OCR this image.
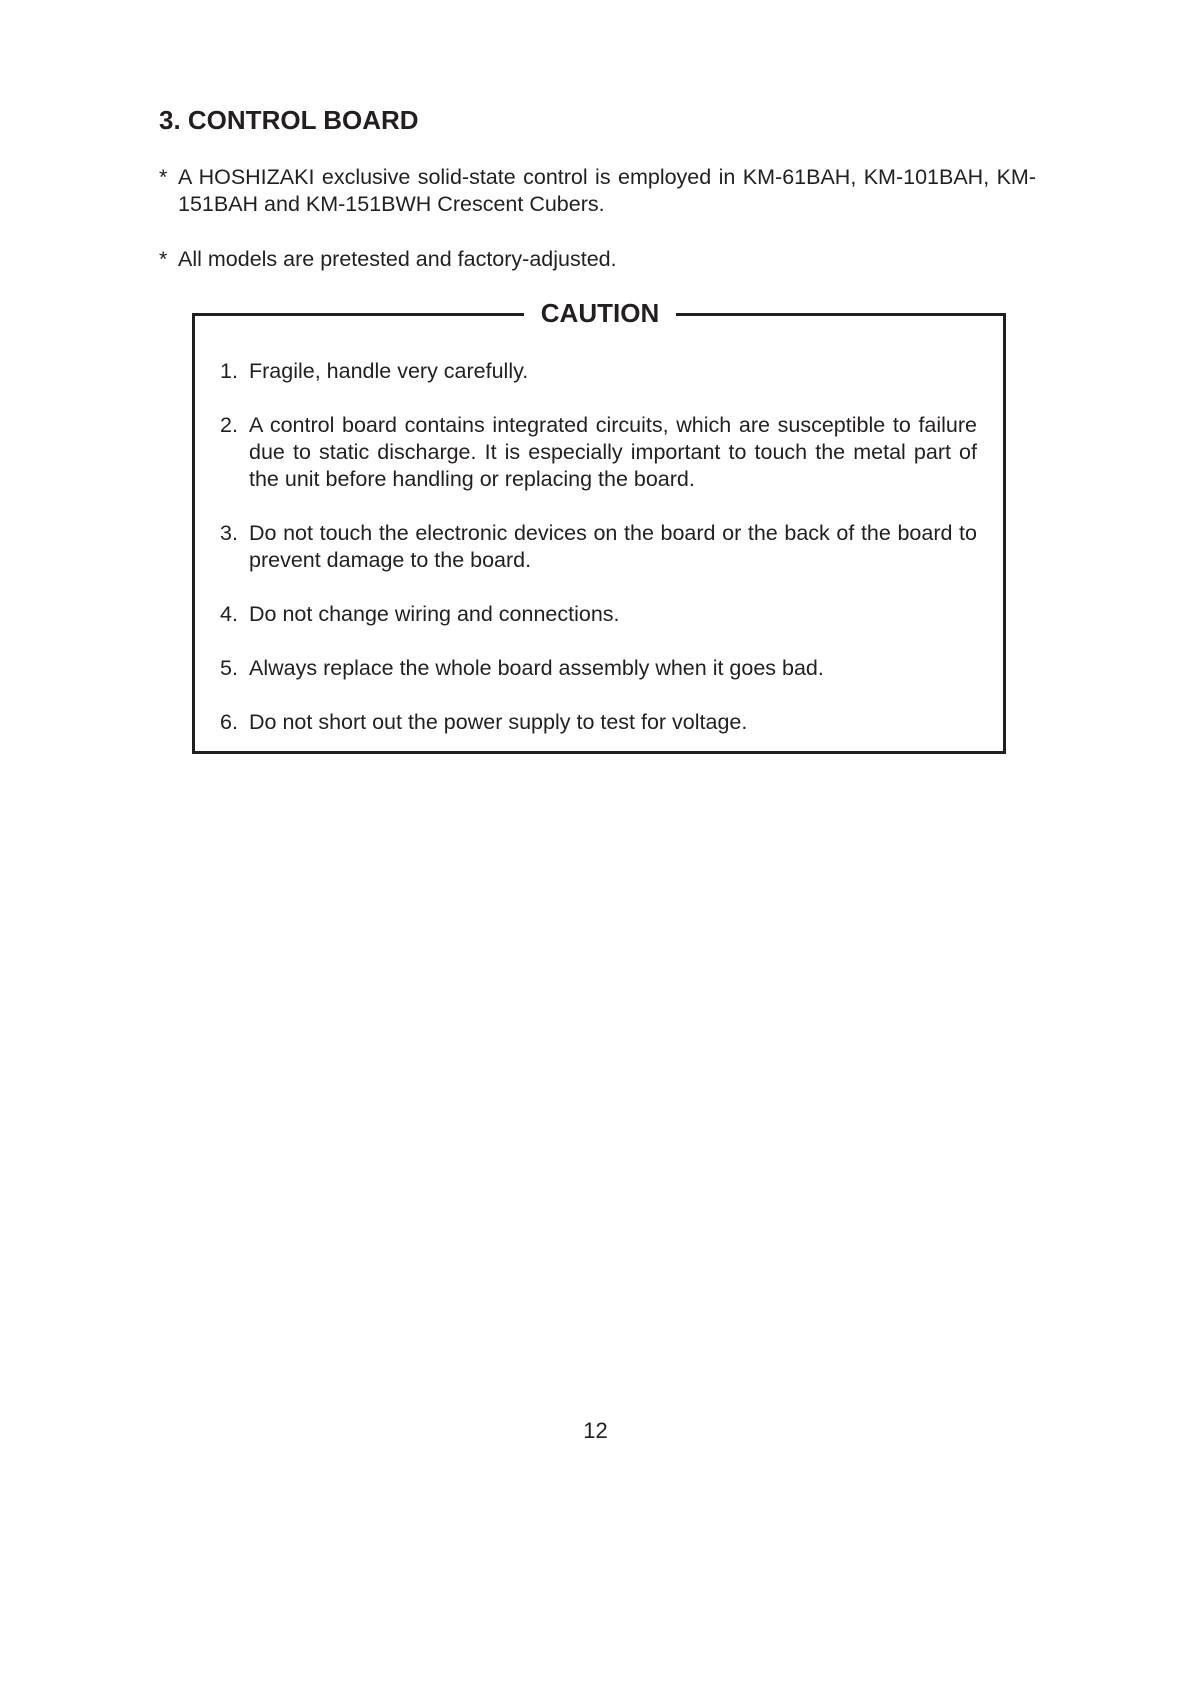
3. CONTROL BOARD
* A HOSHIZAKI exclusive solid-state control is employed in KM-61BAH, KM-101BAH, KM-151BAH and KM-151BWH Crescent Cubers.
* All models are pretested and factory-adjusted.
CAUTION
1. Fragile, handle very carefully.
2. A control board contains integrated circuits, which are susceptible to failure due to static discharge. It is especially important to touch the metal part of the unit before handling or replacing the board.
3. Do not touch the electronic devices on the board or the back of the board to prevent damage to the board.
4. Do not change wiring and connections.
5. Always replace the whole board assembly when it goes bad.
6. Do not short out the power supply to test for voltage.
12
